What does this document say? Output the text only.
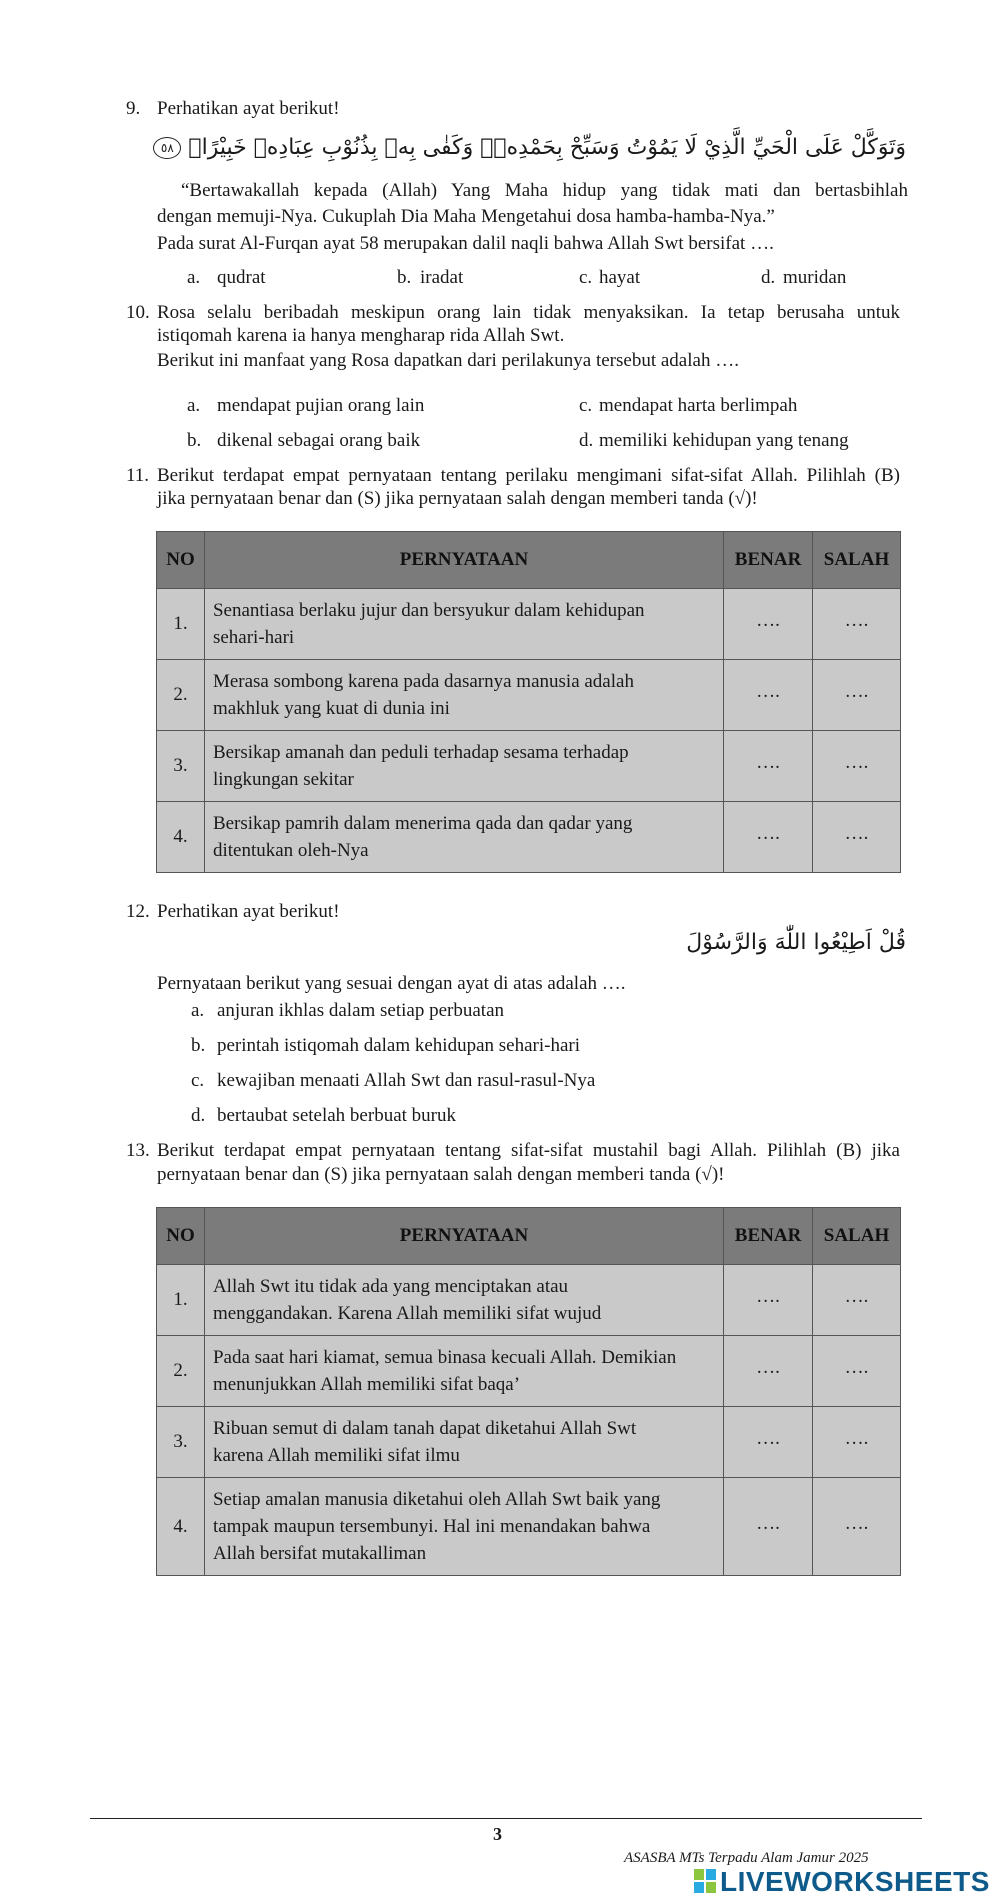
9. Perhatikan ayat berikut!
وَتَوَكَّلْ عَلَى الْحَيِّ الَّذِيْ لَا يَمُوْتُ وَسَبِّحْ بِحَمْدِهٖۗ وَكَفٰى بِهٖ بِذُنُوْبِ عِبَادِهٖ خَبِيْرًاۚ ٥٨
“Bertawakallah kepada (Allah) Yang Maha hidup yang tidak mati dan bertasbihlah
dengan memuji-Nya. Cukuplah Dia Maha Mengetahui dosa hamba-hamba-Nya.”
Pada surat Al-Furqan ayat 58 merupakan dalil naqli bahwa Allah Swt bersifat ….
a. qudrat	b. iradat	c. hayat	d. muridan
10. Rosa selalu beribadah meskipun orang lain tidak menyaksikan. Ia tetap berusaha untuk
istiqomah karena ia hanya mengharap rida Allah Swt.
Berikut ini manfaat yang Rosa dapatkan dari perilakunya tersebut adalah ….
a. mendapat pujian orang lain	c. mendapat harta berlimpah
b. dikenal sebagai orang baik	d. memiliki kehidupan yang tenang
11. Berikut terdapat empat pernyataan tentang perilaku mengimani sifat-sifat Allah. Pilihlah (B)
jika pernyataan benar dan (S) jika pernyataan salah dengan memberi tanda (√)!
NO	PERNYATAAN	BENAR	SALAH
1.	Senantiasa berlaku jujur dan bersyukur dalam kehidupan
sehari-hari	….	….
2.	Merasa sombong karena pada dasarnya manusia adalah
makhluk yang kuat di dunia ini	….	….
3.	Bersikap amanah dan peduli terhadap sesama terhadap
lingkungan sekitar	….	….
4.	Bersikap pamrih dalam menerima qada dan qadar yang
ditentukan oleh-Nya	….	….
12. Perhatikan ayat berikut!
قُلْ اَطِيْعُوا اللّٰهَ وَالرَّسُوْلَ
Pernyataan berikut yang sesuai dengan ayat di atas adalah ….
a. anjuran ikhlas dalam setiap perbuatan
b. perintah istiqomah dalam kehidupan sehari-hari
c. kewajiban menaati Allah Swt dan rasul-rasul-Nya
d. bertaubat setelah berbuat buruk
13. Berikut terdapat empat pernyataan tentang sifat-sifat mustahil bagi Allah. Pilihlah (B) jika
pernyataan benar dan (S) jika pernyataan salah dengan memberi tanda (√)!
NO	PERNYATAAN	BENAR	SALAH
1.	Allah Swt itu tidak ada yang menciptakan atau
menggandakan. Karena Allah memiliki sifat wujud	….	….
2.	Pada saat hari kiamat, semua binasa kecuali Allah. Demikian
menunjukkan Allah memiliki sifat baqa’	….	….
3.	Ribuan semut di dalam tanah dapat diketahui Allah Swt
karena Allah memiliki sifat ilmu	….	….
4.	Setiap amalan manusia diketahui oleh Allah Swt baik yang
tampak maupun tersembunyi. Hal ini menandakan bahwa
Allah bersifat mutakalliman	….	….
3
ASASBA MTs Terpadu Alam Jamur 2025
LIVEWORKSHEETS
